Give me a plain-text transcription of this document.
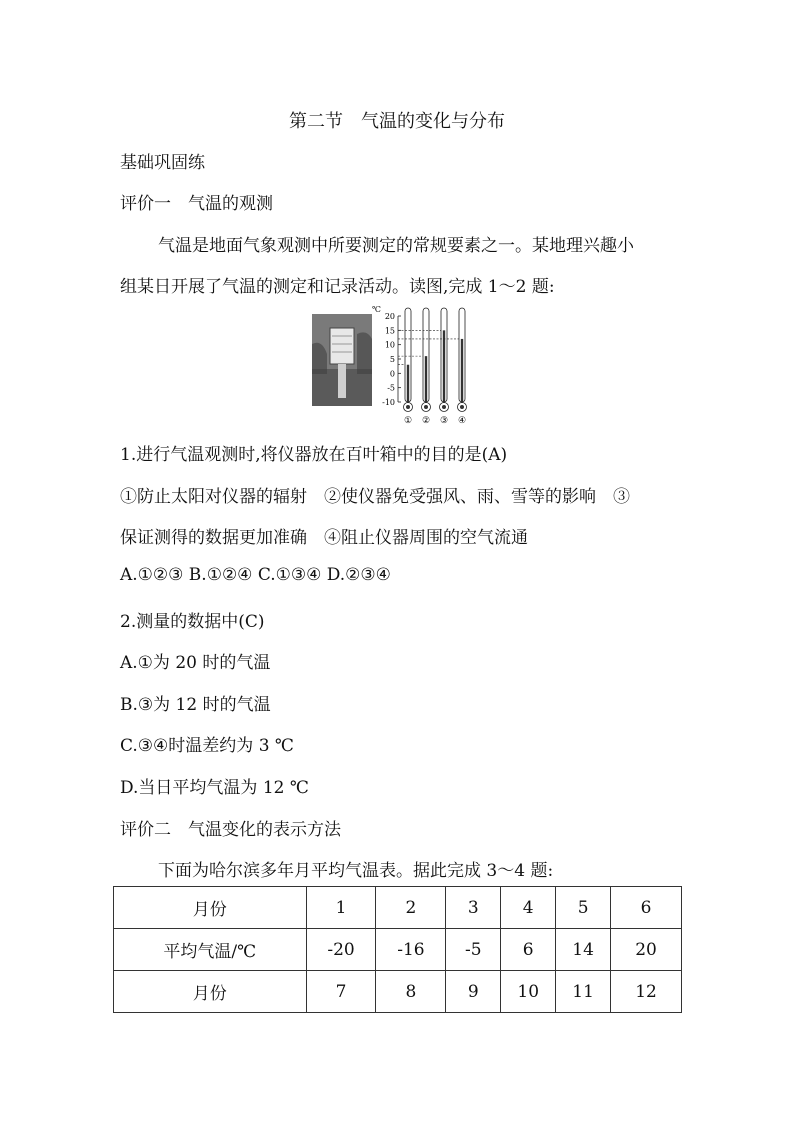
第二节　气温的变化与分布
基础巩固练
评价一　气温的观测
气温是地面气象观测中所要测定的常规要素之一。某地理兴趣小
组某日开展了气温的测定和记录活动。读图,完成 1～2 题:
℃
20
15
10
5
0
-5
-10
① ② ③ ④
1.进行气温观测时,将仪器放在百叶箱中的目的是(A)
①防止太阳对仪器的辐射　②使仪器免受强风、雨、雪等的影响　③
保证测得的数据更加准确　④阻止仪器周围的空气流通
A.①②③ B.①②④ C.①③④ D.②③④
2.测量的数据中(C)
A.①为 20 时的气温
B.③为 12 时的气温
C.③④时温差约为 3 ℃
D.当日平均气温为 12 ℃
评价二　气温变化的表示方法
下面为哈尔滨多年月平均气温表。据此完成 3～4 题:
月份	1	2	3	4	5	6
平均气温/℃	-20	-16	-5	6	14	20
月份	7	8	9	10	11	12
